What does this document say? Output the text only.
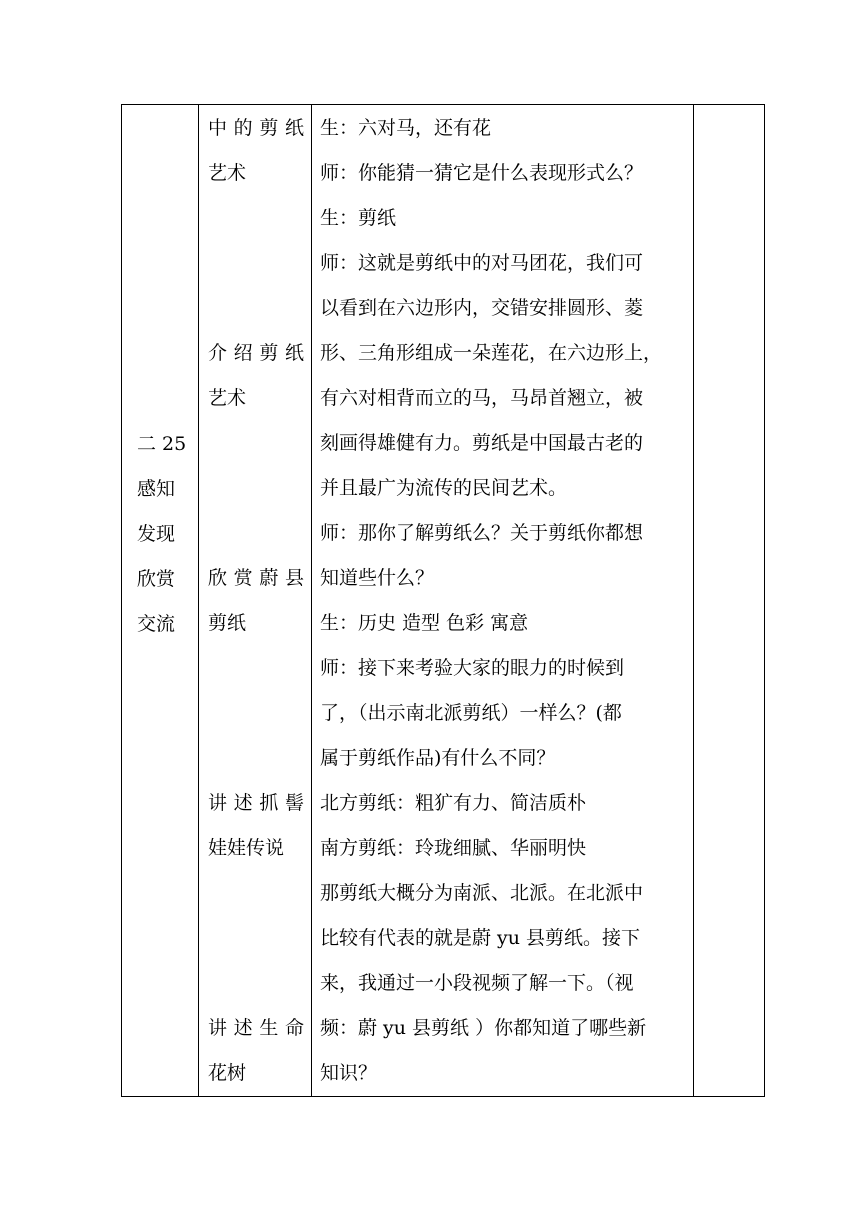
二 25
感知
发现
欣赏
交流
中 的 剪 纸
艺术
介 绍 剪 纸
艺术
欣 赏 蔚 县
剪纸
讲 述 抓 髻
娃娃传说
讲 述 生 命
花树
生：六对马，还有花
师：你能猜一猜它是什么表现形式么？
生：剪纸
师：这就是剪纸中的对马团花，我们可
以看到在六边形内，交错安排圆形、菱
形、三角形组成一朵莲花，在六边形上，
有六对相背而立的马，马昂首翘立，被
刻画得雄健有力。剪纸是中国最古老的
并且最广为流传的民间艺术。
师：那你了解剪纸么？关于剪纸你都想
知道些什么？
生：历史 造型 色彩 寓意
师：接下来考验大家的眼力的时候到
了，（出示南北派剪纸）一样么？(都
属于剪纸作品)有什么不同？
北方剪纸：粗犷有力、简洁质朴
南方剪纸：玲珑细腻、华丽明快
那剪纸大概分为南派、北派。在北派中
比较有代表的就是蔚 yu 县剪纸。接下
来，我通过一小段视频了解一下。（视
频：蔚 yu 县剪纸 ）你都知道了哪些新
知识？
